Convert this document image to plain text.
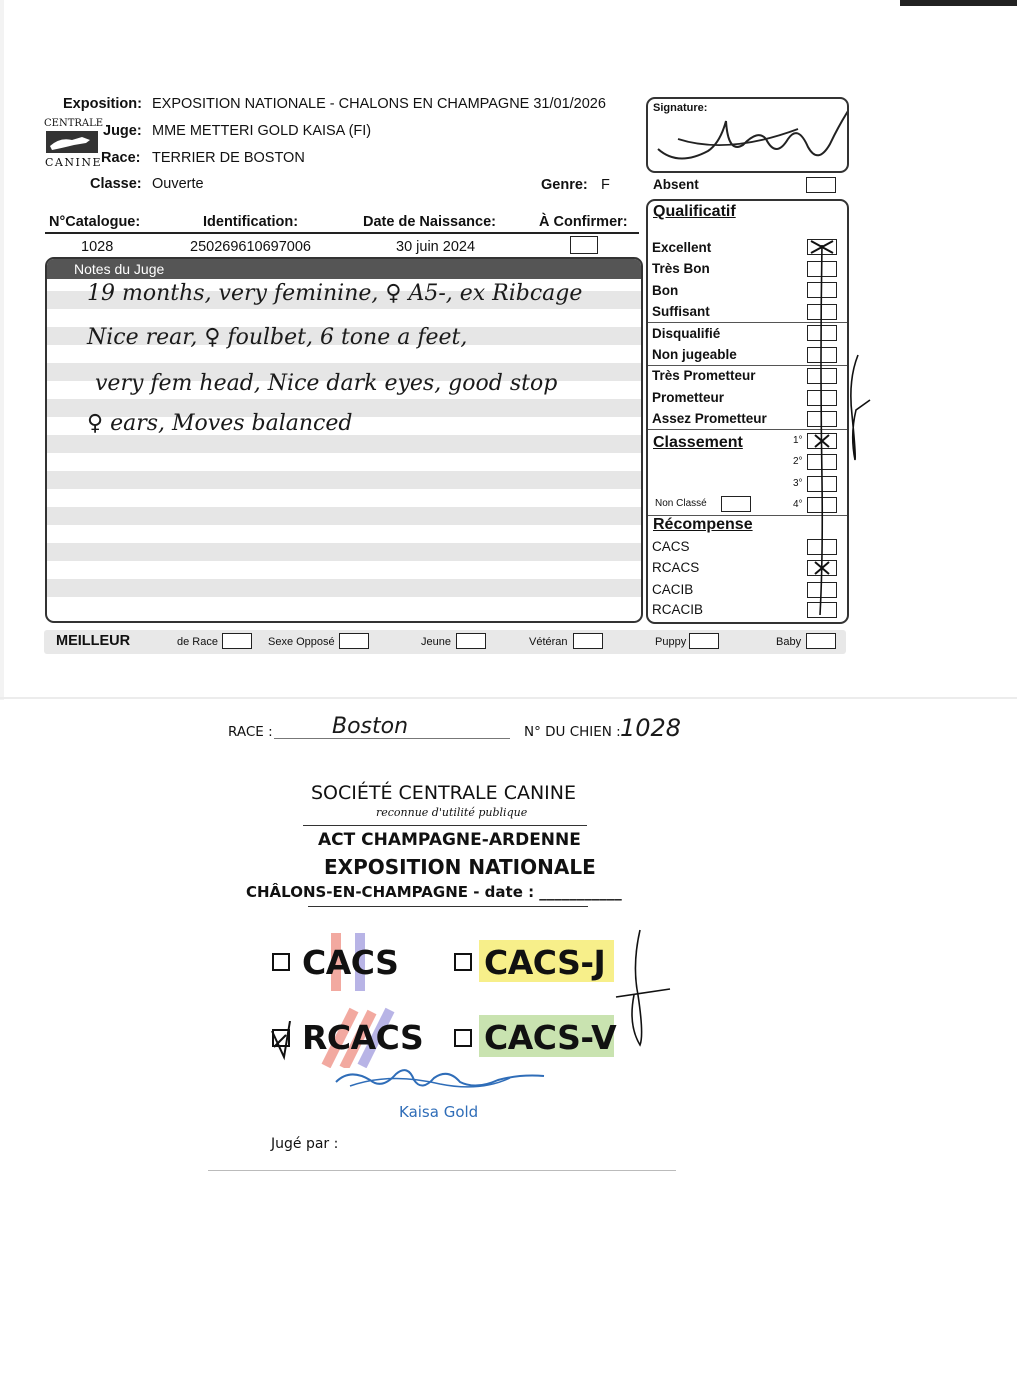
Exposition: EXPOSITION NATIONALE - CHALONS EN CHAMPAGNE 31/01/2026
CENTRALE
CANINE
Juge: MME METTERI GOLD KAISA (FI)
Race: TERRIER DE BOSTON
Classe: Ouverte	Genre: F
Signature:
Absent
N°Catalogue:	Identification:	Date de Naissance:	À Confirmer:
1028	250269610697006	30 juin 2024
Notes du Juge
19 months, very feminine, ♀ A5-, ex Ribcage
Nice rear, ♀ foulbet, 6 tone a feet,
very fem head, Nice dark eyes, good stop
♀ ears, Moves balanced
Qualificatif
Excellent
Très Bon
Bon
Suffisant
Disqualifié
Non jugeable
Très Prometteur
Prometteur
Assez Prometteur
Classement	1°
2°
3°
Non Classé	4°
Récompense
CACS
RCACS
CACIB
RCACIB
MEILLEUR	de Race	Sexe Opposé	Jeune	Vétéran	Puppy	Baby
RACE :	Boston	N° DU CHIEN : 1028
SOCIÉTÉ CENTRALE CANINE
reconnue d'utilité publique
ACT CHAMPAGNE-ARDENNE
EXPOSITION NATIONALE
CHÂLONS-EN-CHAMPAGNE - date : ___________
CACS	CACS-J
RCACS CACS-V
Kaisa Gold
Jugé par :
